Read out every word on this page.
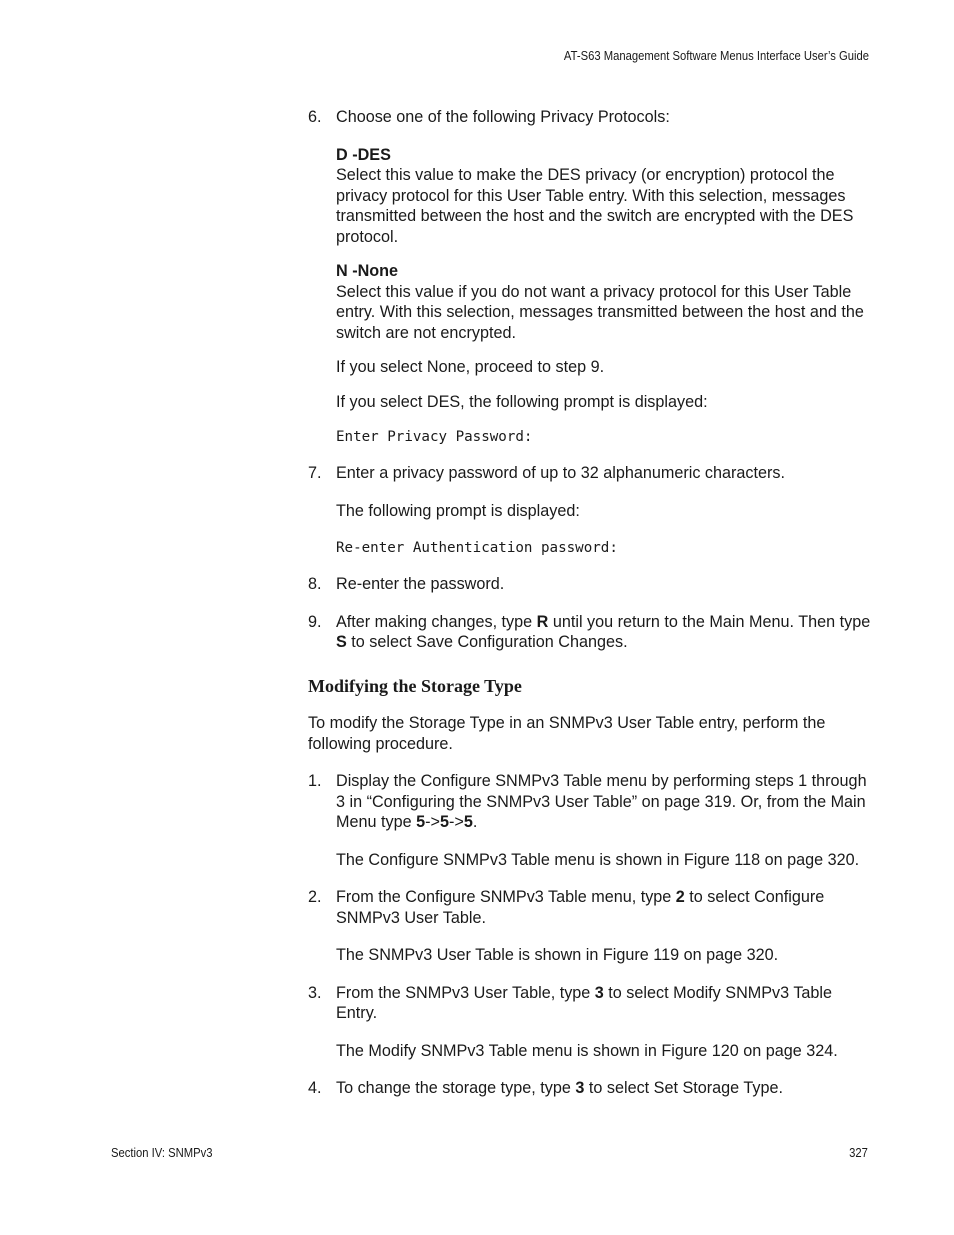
AT-S63 Management Software Menus Interface User’s Guide
6. Choose one of the following Privacy Protocols:
D -DES
Select this value to make the DES privacy (or encryption) protocol the privacy protocol for this User Table entry. With this selection, messages transmitted between the host and the switch are encrypted with the DES protocol.
N -None
Select this value if you do not want a privacy protocol for this User Table entry. With this selection, messages transmitted between the host and the switch are not encrypted.
If you select None, proceed to step 9.
If you select DES, the following prompt is displayed:
Enter Privacy Password:
7. Enter a privacy password of up to 32 alphanumeric characters.
The following prompt is displayed:
Re-enter Authentication password:
8. Re-enter the password.
9. After making changes, type R until you return to the Main Menu. Then type S to select Save Configuration Changes.
Modifying the Storage Type
To modify the Storage Type in an SNMPv3 User Table entry, perform the following procedure.
1. Display the Configure SNMPv3 Table menu by performing steps 1 through 3 in “Configuring the SNMPv3 User Table” on page 319. Or, from the Main Menu type 5->5->5.
The Configure SNMPv3 Table menu is shown in Figure 118 on page 320.
2. From the Configure SNMPv3 Table menu, type 2 to select Configure SNMPv3 User Table.
The SNMPv3 User Table is shown in Figure 119 on page 320.
3. From the SNMPv3 User Table, type 3 to select Modify SNMPv3 Table Entry.
The Modify SNMPv3 Table menu is shown in Figure 120 on page 324.
4. To change the storage type, type 3 to select Set Storage Type.
Section IV: SNMPv3	327
